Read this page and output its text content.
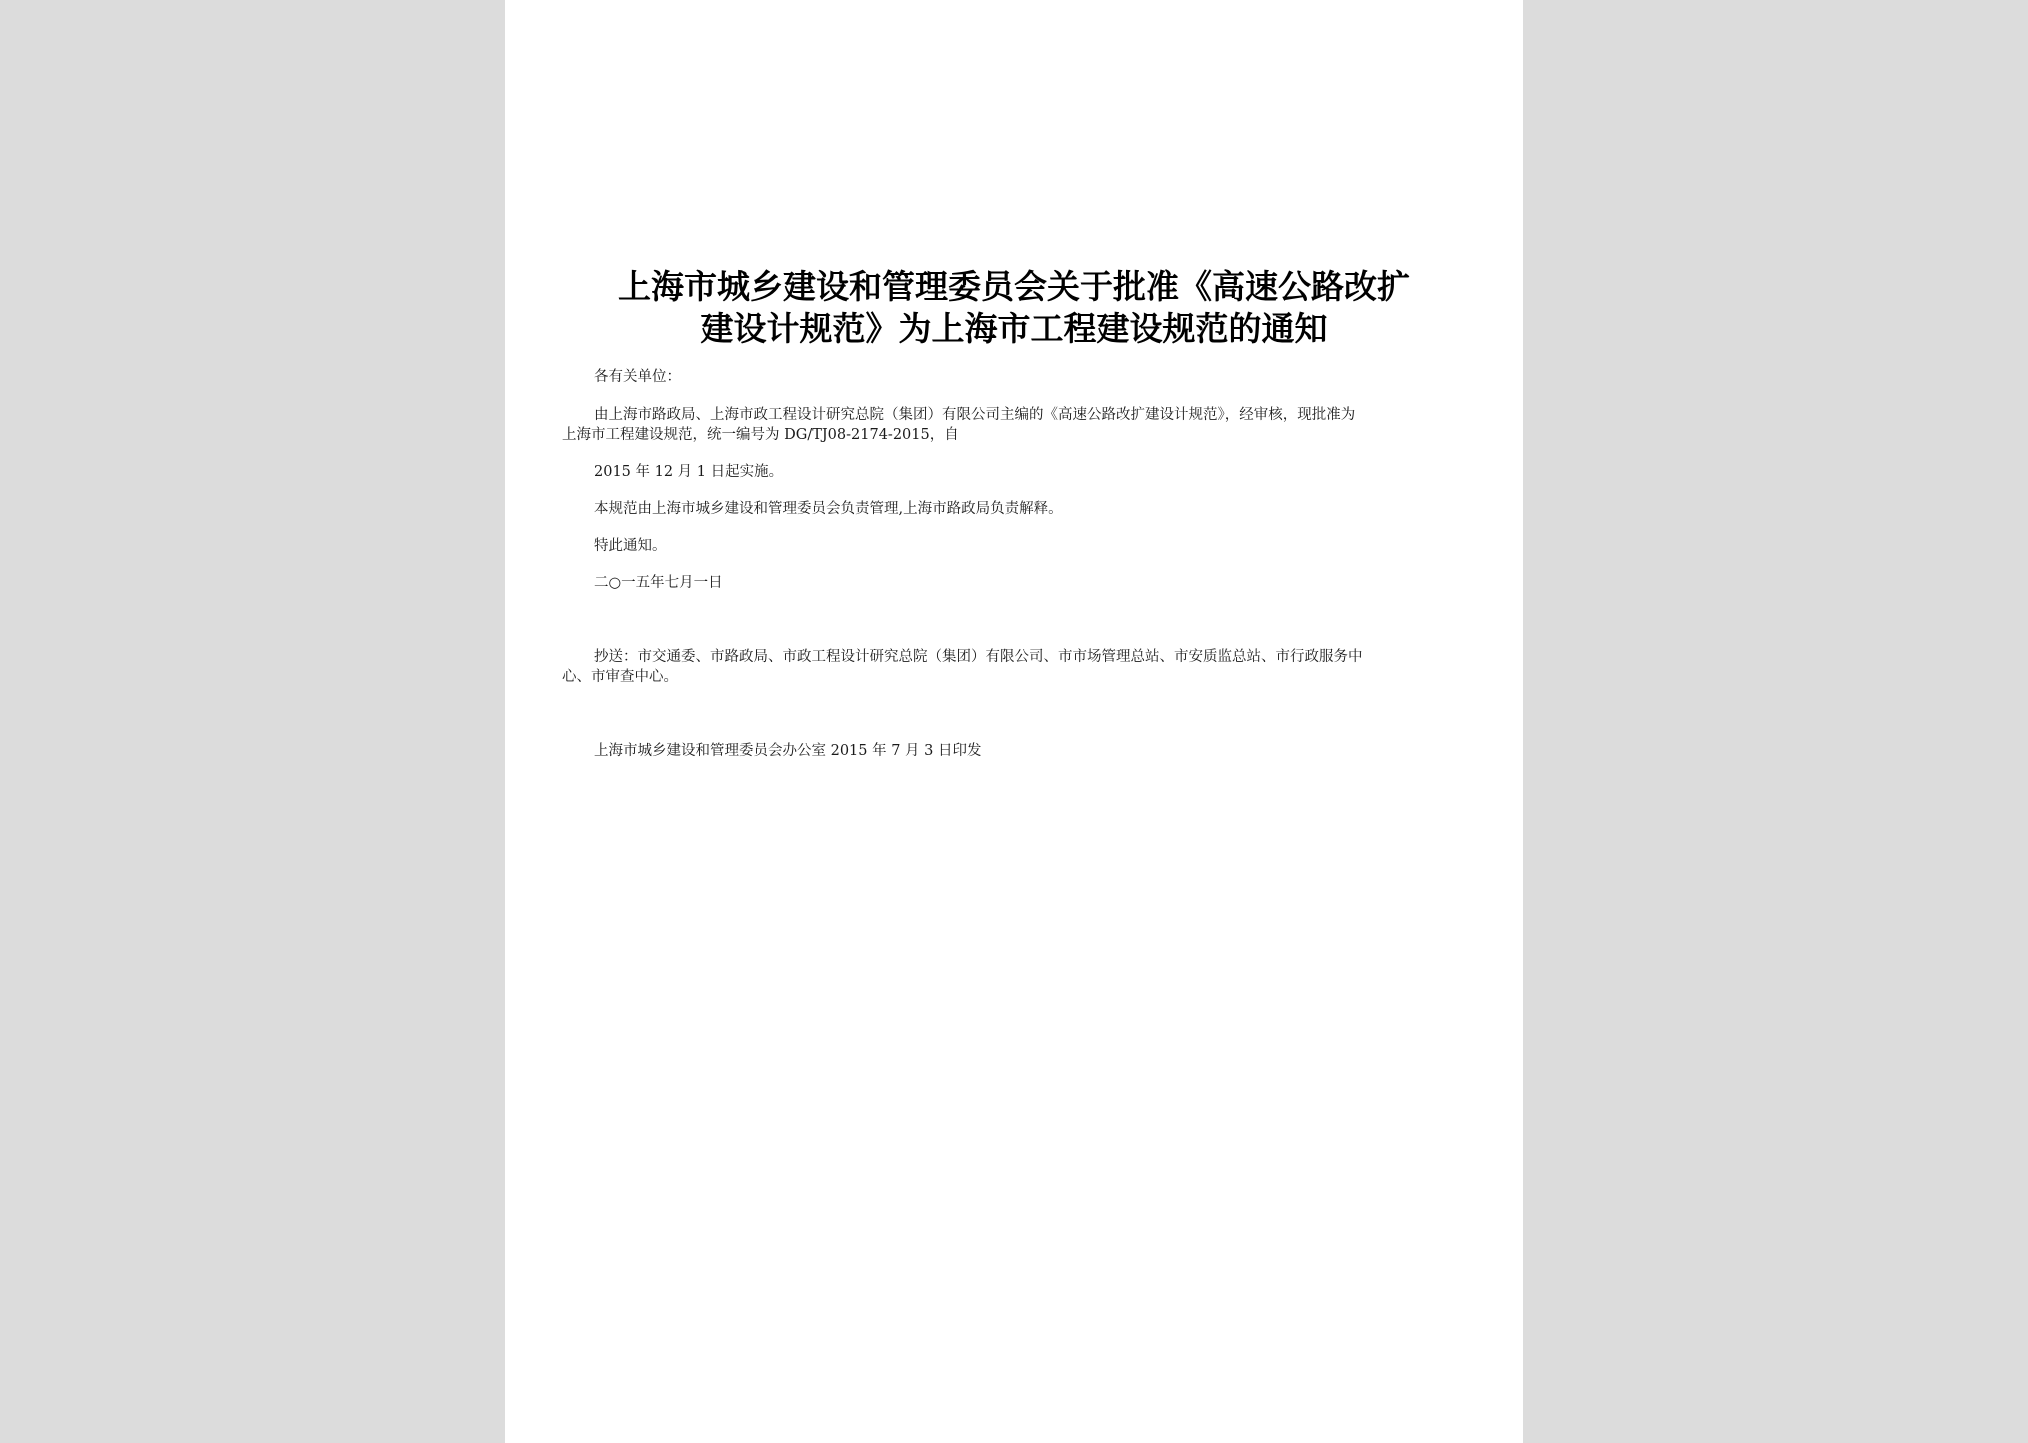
上海市城乡建设和管理委员会关于批准《高速公路改扩
建设计规范》为上海市工程建设规范的通知
各有关单位：
由上海市路政局、上海市政工程设计研究总院（集团）有限公司主编的《高速公路改扩建设计规范》，经审核，现批准为
上海市工程建设规范，统一编号为 DG/TJ08-2174-2015，自
2015 年 12 月 1 日起实施。
本规范由上海市城乡建设和管理委员会负责管理,上海市路政局负责解释。
特此通知。
二○一五年七月一日
抄送：市交通委、市路政局、市政工程设计研究总院（集团）有限公司、市市场管理总站、市安质监总站、市行政服务中
心、市审查中心。
上海市城乡建设和管理委员会办公室 2015 年 7 月 3 日印发
